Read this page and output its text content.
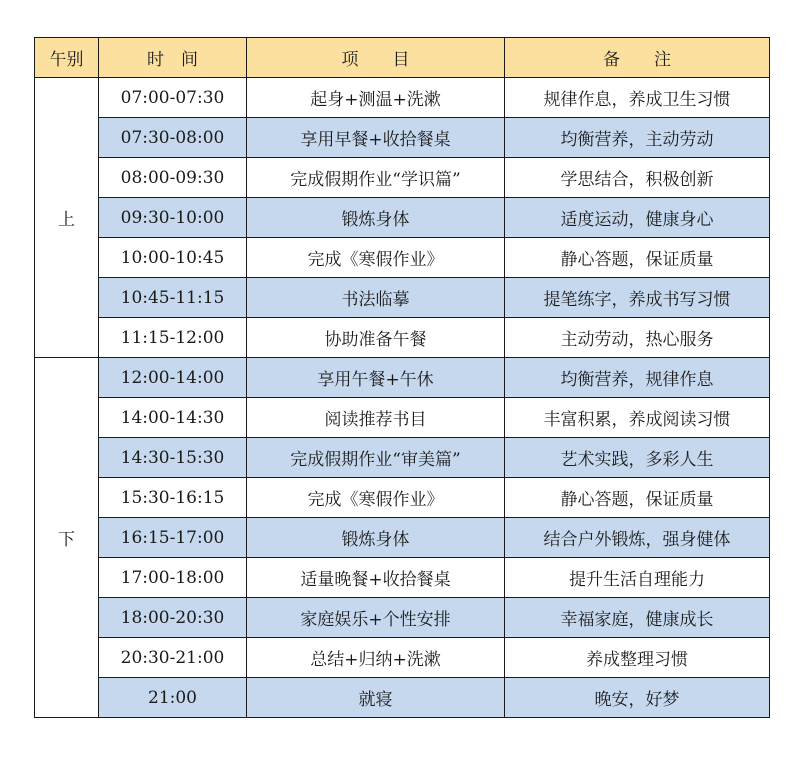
午别	时　间	项　　目	备　　注
上	07:00-07:30	起身+测温+洗漱	规律作息，养成卫生习惯
	07:30-08:00	享用早餐+收拾餐桌	均衡营养，主动劳动
	08:00-09:30	完成假期作业“学识篇”	学思结合，积极创新
	09:30-10:00	锻炼身体	适度运动，健康身心
	10:00-10:45	完成《寒假作业》	静心答题，保证质量
	10:45-11:15	书法临摹	提笔练字，养成书写习惯
	11:15-12:00	协助准备午餐	主动劳动，热心服务
下	12:00-14:00	享用午餐+午休	均衡营养，规律作息
	14:00-14:30	阅读推荐书目	丰富积累，养成阅读习惯
	14:30-15:30	完成假期作业“审美篇”	艺术实践，多彩人生
	15:30-16:15	完成《寒假作业》	静心答题，保证质量
	16:15-17:00	锻炼身体	结合户外锻炼，强身健体
	17:00-18:00	适量晚餐+收拾餐桌	提升生活自理能力
	18:00-20:30	家庭娱乐+个性安排	幸福家庭，健康成长
	20:30-21:00	总结+归纳+洗漱	养成整理习惯
	21:00	就寝	晚安，好梦
